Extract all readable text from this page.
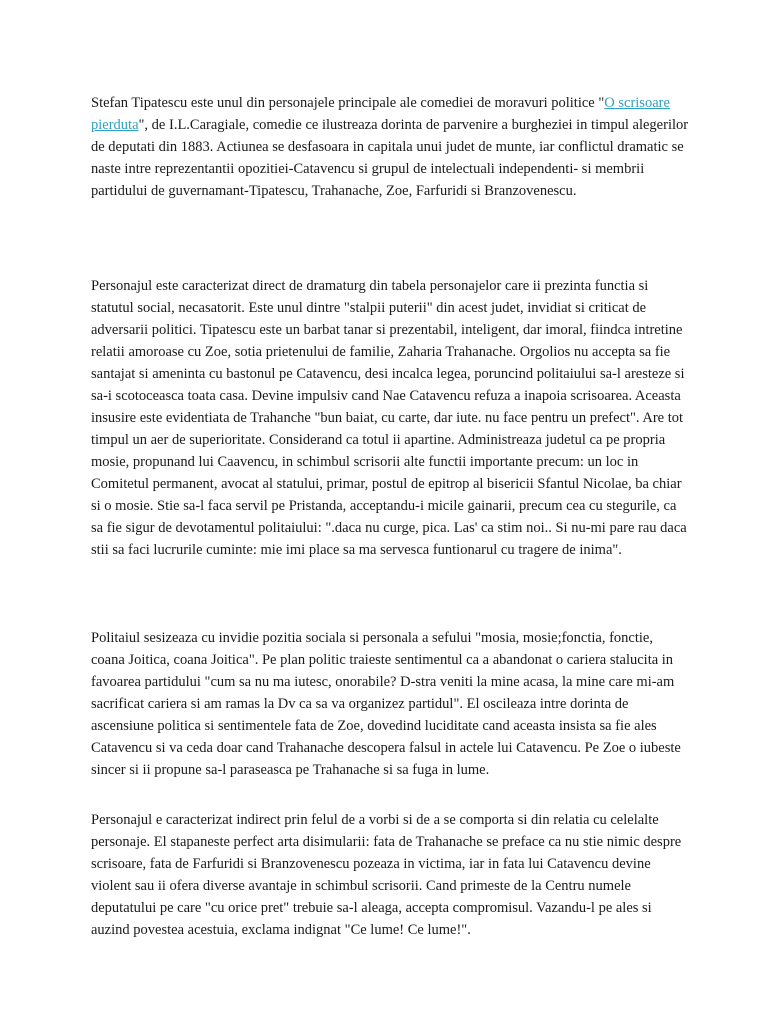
Stefan Tipatescu este unul din personajele principale ale comediei de moravuri politice "O scrisoare pierduta", de I.L.Caragiale, comedie ce ilustreaza dorinta de parvenire a burgheziei in timpul alegerilor de deputati din 1883. Actiunea se desfasoara in capitala unui judet de munte, iar conflictul dramatic se naste intre reprezentantii opozitiei-Catavencu si grupul de intelectuali independenti- si membrii partidului de guvernamant-Tipatescu, Trahanache, Zoe, Farfuridi si Branzovenescu.

Personajul este caracterizat direct de dramaturg din tabela personajelor care ii prezinta functia si statutul social, necasatorit. Este unul dintre "stalpii puterii" din acest judet, invidiat si criticat de adversarii politici. Tipatescu este un barbat tanar si prezentabil, inteligent, dar imoral, fiindca intretine relatii amoroase cu Zoe, sotia prietenului de familie, Zaharia Trahanache. Orgolios nu accepta sa fie santajat si ameninta cu bastonul pe Catavencu, desi incalca legea, poruncind politaiului sa-l aresteze si sa-i scotoceasca toata casa. Devine impulsiv cand Nae Catavencu refuza a inapoia scrisoarea. Aceasta insusire este evidentiata de Trahanche "bun baiat, cu carte, dar iute. nu face pentru un prefect". Are tot timpul un aer de superioritate. Considerand ca totul ii apartine. Administreaza judetul ca pe propria mosie, propunand lui Caavencu, in schimbul scrisorii alte functii importante precum: un loc in Comitetul permanent, avocat al statului, primar, postul de epitrop al bisericii Sfantul Nicolae, ba chiar si o mosie. Stie sa-l faca servil pe Pristanda, acceptandu-i micile gainarii, precum cea cu stegurile, ca sa fie sigur de devotamentul politaiului: ".daca nu curge, pica. Las' ca stim noi.. Si nu-mi pare rau daca stii sa faci lucrurile cuminte: mie imi place sa ma servesca funtionarul cu tragere de inima".

Politaiul sesizeaza cu invidie pozitia sociala si personala a sefului "mosia, mosie;fonctia, fonctie, coana Joitica, coana Joitica". Pe plan politic traieste sentimentul ca a abandonat o cariera stalucita in favoarea partidului "cum sa nu ma iutesc, onorabile? D-stra veniti la mine acasa, la mine care mi-am sacrificat cariera si am ramas la Dv ca sa va organizez partidul". El oscileaza intre dorinta de ascensiune politica si sentimentele fata de Zoe, dovedind luciditate cand aceasta insista sa fie ales Catavencu si va ceda doar cand Trahanache descopera falsul in actele lui Catavencu. Pe Zoe o iubeste sincer si ii propune sa-l paraseasca pe Trahanache si sa fuga in lume.

Personajul e caracterizat indirect prin felul de a vorbi si de a se comporta si din relatia cu celelalte personaje. El stapaneste perfect arta disimularii: fata de Trahanache se preface ca nu stie nimic despre scrisoare, fata de Farfuridi si Branzovenescu pozeaza in victima, iar in fata lui Catavencu devine violent sau ii ofera diverse avantaje in schimbul scrisorii. Cand primeste de la Centru numele deputatului pe care "cu orice pret" trebuie sa-l aleaga, accepta compromisul. Vazandu-l pe ales si auzind povestea acestuia, exclama indignat "Ce lume! Ce lume!".
